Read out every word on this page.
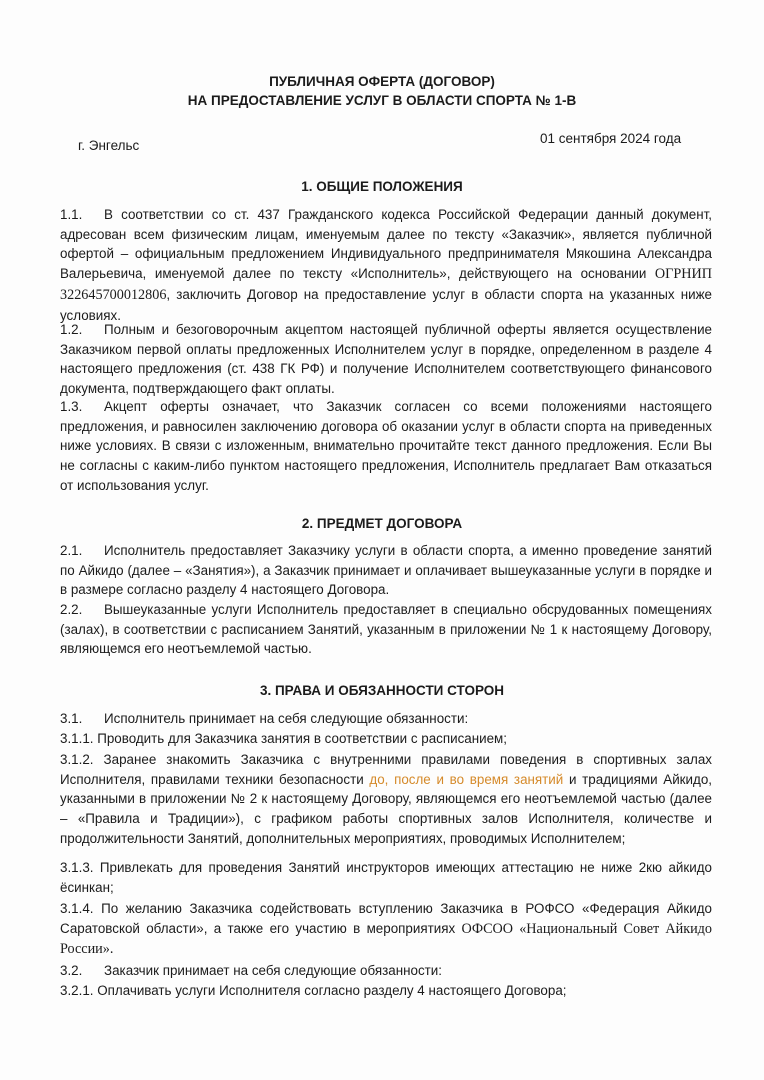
ПУБЛИЧНАЯ ОФЕРТА (ДОГОВОР)
НА ПРЕДОСТАВЛЕНИЕ УСЛУГ В ОБЛАСТИ СПОРТА № 1-В
г. Энгельс	01 сентября 2024 года
1. ОБЩИЕ ПОЛОЖЕНИЯ
1.1. В соответствии со ст. 437 Гражданского кодекса Российской Федерации данный документ, адресован всем физическим лицам, именуемым далее по тексту «Заказчик», является публичной офертой – официальным предложением Индивидуального предпринимателя Мякошина Александра Валерьевича, именуемой далее по тексту «Исполнитель», действующего на основании ОГРНИП 322645700012806, заключить Договор на предоставление услуг в области спорта на указанных ниже условиях.
1.2. Полным и безоговорочным акцептом настоящей публичной оферты является осуществление Заказчиком первой оплаты предложенных Исполнителем услуг в порядке, определенном в разделе 4 настоящего предложения (ст. 438 ГК РФ) и получение Исполнителем соответствующего финансового документа, подтверждающего факт оплаты.
1.3. Акцепт оферты означает, что Заказчик согласен со всеми положениями настоящего предложения, и равносилен заключению договора об оказании услуг в области спорта на приведенных ниже условиях. В связи с изложенным, внимательно прочитайте текст данного предложения. Если Вы не согласны с каким-либо пунктом настоящего предложения, Исполнитель предлагает Вам отказаться от использования услуг.
2. ПРЕДМЕТ ДОГОВОРА
2.1. Исполнитель предоставляет Заказчику услуги в области спорта, а именно проведение занятий по Айкидо (далее – «Занятия»), а Заказчик принимает и оплачивает вышеуказанные услуги в порядке и в размере согласно разделу 4 настоящего Договора.
2.2. Вышеуказанные услуги Исполнитель предоставляет в специально обсрудованных помещениях (залах), в соответствии с расписанием Занятий, указанным в приложении № 1 к настоящему Договору, являющемся его неотъемлемой частью.
3. ПРАВА И ОБЯЗАННОСТИ СТОРОН
3.1. Исполнитель принимает на себя следующие обязанности:
3.1.1. Проводить для Заказчика занятия в соответствии с расписанием;
3.1.2. Заранее знакомить Заказчика с внутренними правилами поведения в спортивных залах Исполнителя, правилами техники безопасности до, после и во время занятий и традициями Айкидо, указанными в приложении № 2 к настоящему Договору, являющемся его неотъемлемой частью (далее – «Правила и Традиции»), с графиком работы спортивных залов Исполнителя, количестве и продолжительности Занятий, дополнительных мероприятиях, проводимых Исполнителем;
3.1.3. Привлекать для проведения Занятий инструкторов имеющих аттестацию не ниже 2кю айкидо ёсинкан;
3.1.4. По желанию Заказчика содействовать вступлению Заказчика в РОФСО «Федерация Айкидо Саратовской области», а также его участию в мероприятиях ОФСОО «Национальный Совет Айкидо России».
3.2. Заказчик принимает на себя следующие обязанности:
3.2.1. Оплачивать услуги Исполнителя согласно разделу 4 настоящего Договора;
